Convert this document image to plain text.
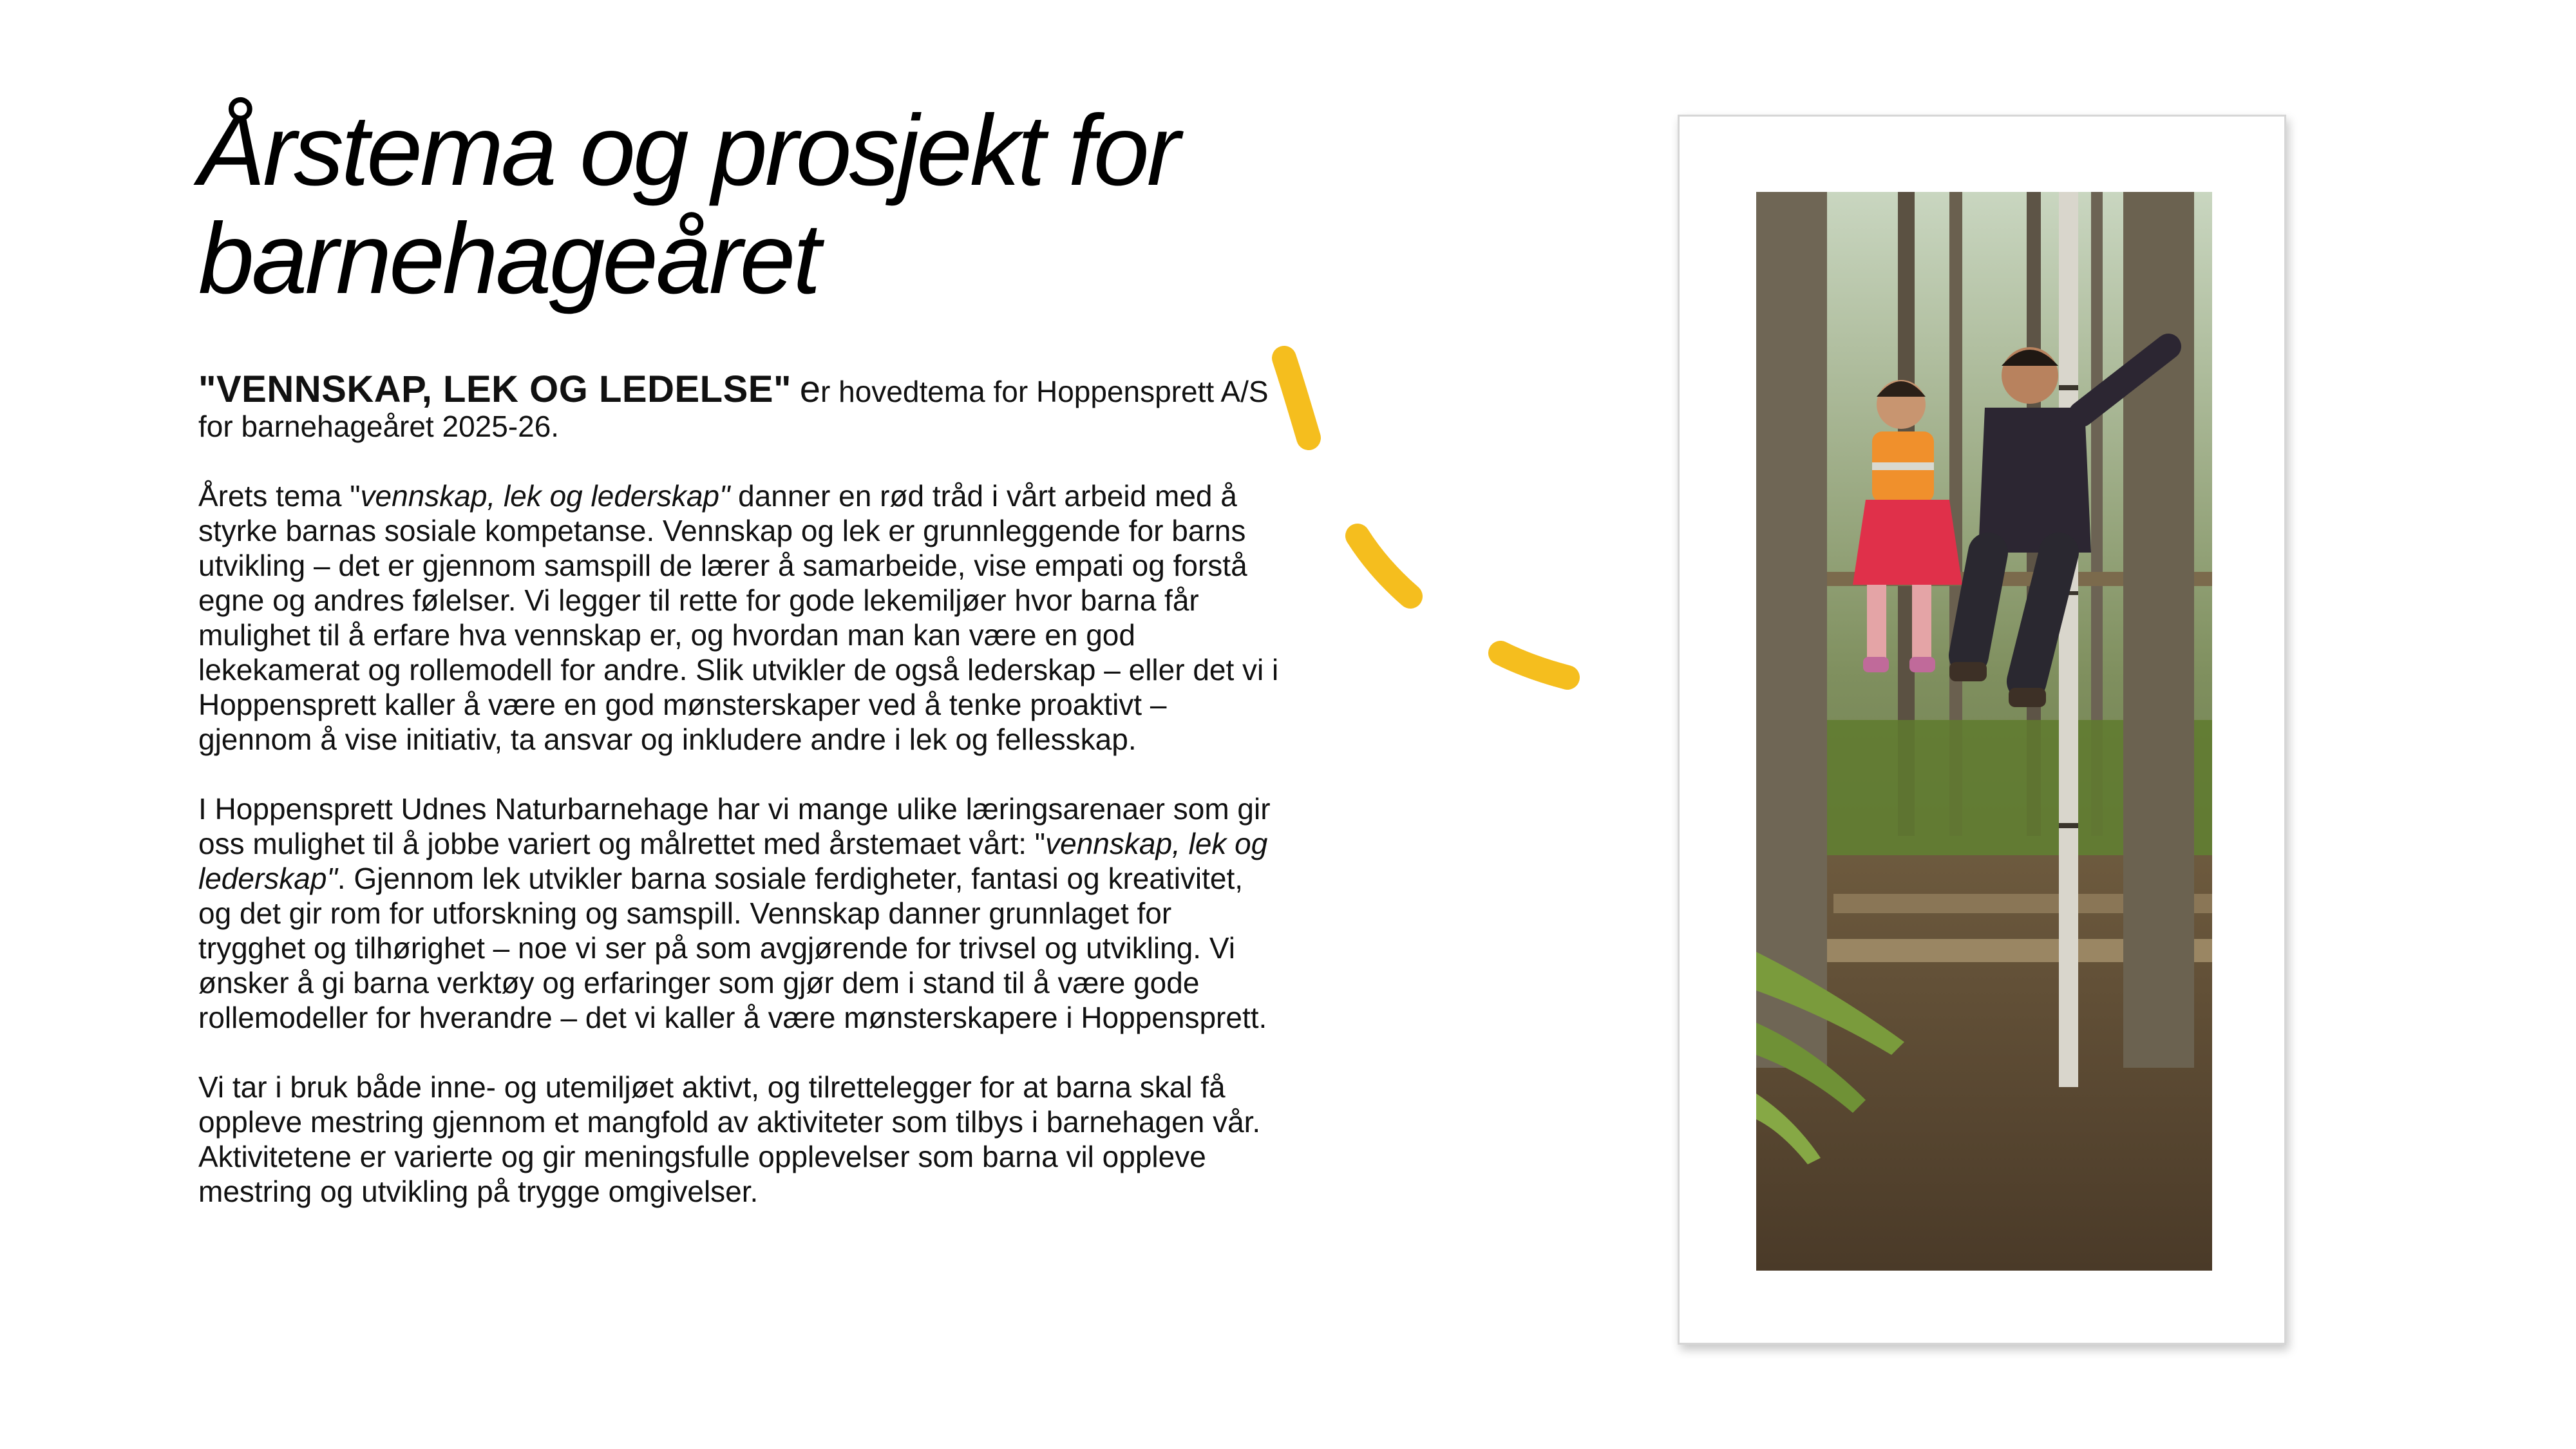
Årstema og prosjekt for barnehageåret

"VENNSKAP, LEK OG LEDELSE" er hovedtema for Hoppensprett A/S for barnehageåret 2025-26.

Årets tema "vennskap, lek og lederskap" danner en rød tråd i vårt arbeid med å styrke barnas sosiale kompetanse. Vennskap og lek er grunnleggende for barns utvikling – det er gjennom samspill de lærer å samarbeide, vise empati og forstå egne og andres følelser. Vi legger til rette for gode lekemiljøer hvor barna får mulighet til å erfare hva vennskap er, og hvordan man kan være en god lekekamerat og rollemodell for andre. Slik utvikler de også lederskap – eller det vi i Hoppensprett kaller å være en god mønsterskaper ved å tenke proaktivt – gjennom å vise initiativ, ta ansvar og inkludere andre i lek og fellesskap.

I Hoppensprett Udnes Naturbarnehage har vi mange ulike læringsarenaer som gir oss mulighet til å jobbe variert og målrettet med årstemaet vårt: "vennskap, lek og lederskap". Gjennom lek utvikler barna sosiale ferdigheter, fantasi og kreativitet, og det gir rom for utforskning og samspill. Vennskap danner grunnlaget for trygghet og tilhørighet – noe vi ser på som avgjørende for trivsel og utvikling. Vi ønsker å gi barna verktøy og erfaringer som gjør dem i stand til å være gode rollemodeller for hverandre – det vi kaller å være mønsterskapere i Hoppensprett.

Vi tar i bruk både inne- og utemiljøet aktivt, og tilrettelegger for at barna skal få oppleve mestring gjennom et mangfold av aktiviteter som tilbys i barnehagen vår. Aktivitetene er varierte og gir meningsfulle opplevelser som barna vil oppleve mestring og utvikling på trygge omgivelser.
